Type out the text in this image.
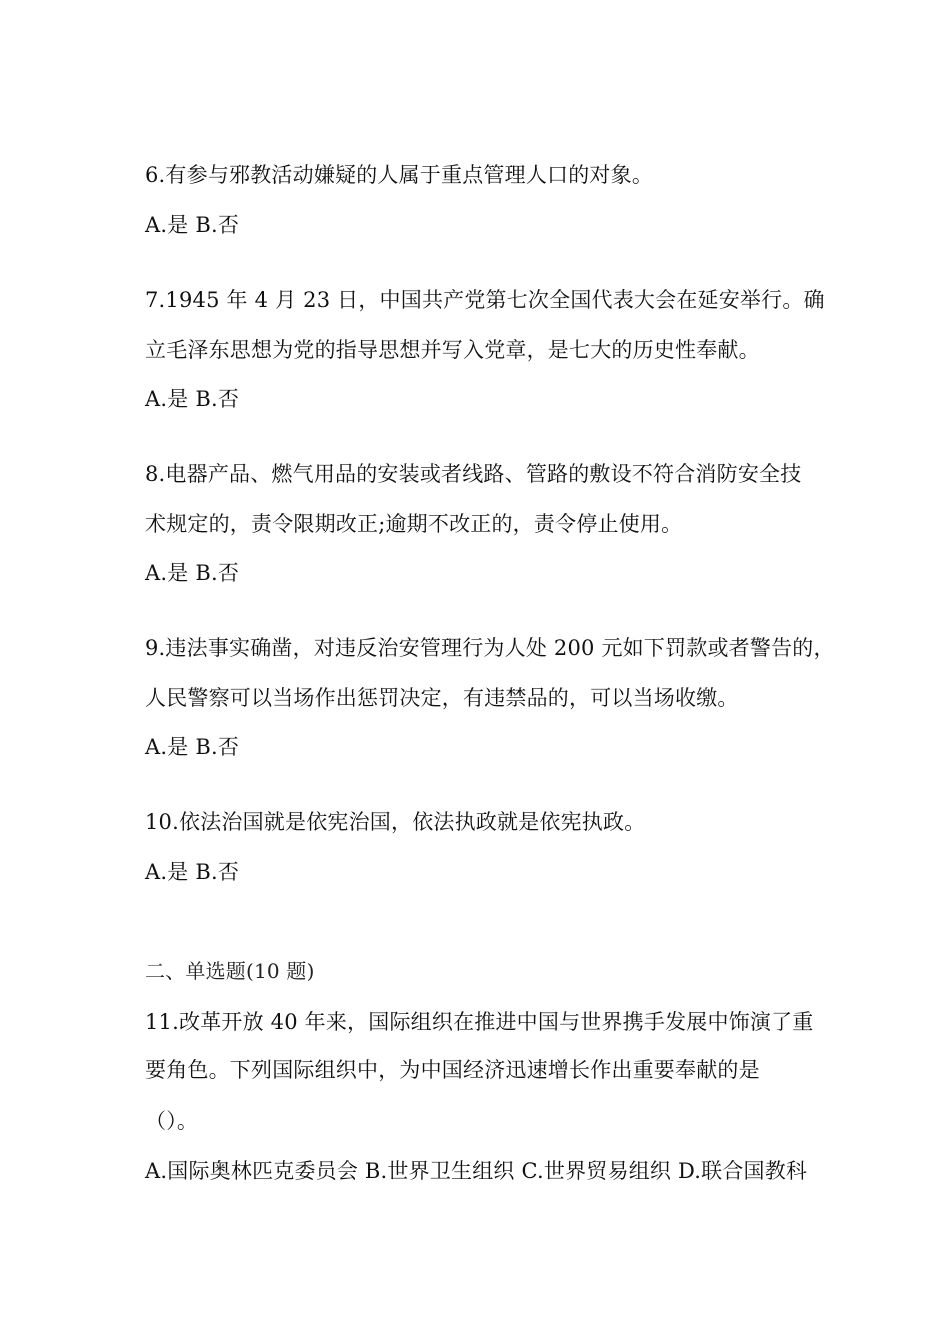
6.有参与邪教活动嫌疑的人属于重点管理人口的对象。
A.是 B.否
7.1945 年 4 月 23 日，中国共产党第七次全国代表大会在延安举行。确
立毛泽东思想为党的指导思想并写入党章，是七大的历史性奉献。
A.是 B.否
8.电器产品、燃气用品的安装或者线路、管路的敷设不符合消防安全技
术规定的，责令限期改正;逾期不改正的，责令停止使用。
A.是 B.否
9.违法事实确凿，对违反治安管理行为人处 200 元如下罚款或者警告的，
人民警察可以当场作出惩罚决定，有违禁品的，可以当场收缴。
A.是 B.否
10.依法治国就是依宪治国，依法执政就是依宪执政。
A.是 B.否
二、单选题(10 题)
11.改革开放 40 年来，国际组织在推进中国与世界携手发展中饰演了重
要角色。下列国际组织中，为中国经济迅速增长作出重要奉献的是
（）。
A.国际奥林匹克委员会 B.世界卫生组织 C.世界贸易组织 D.联合国教科
